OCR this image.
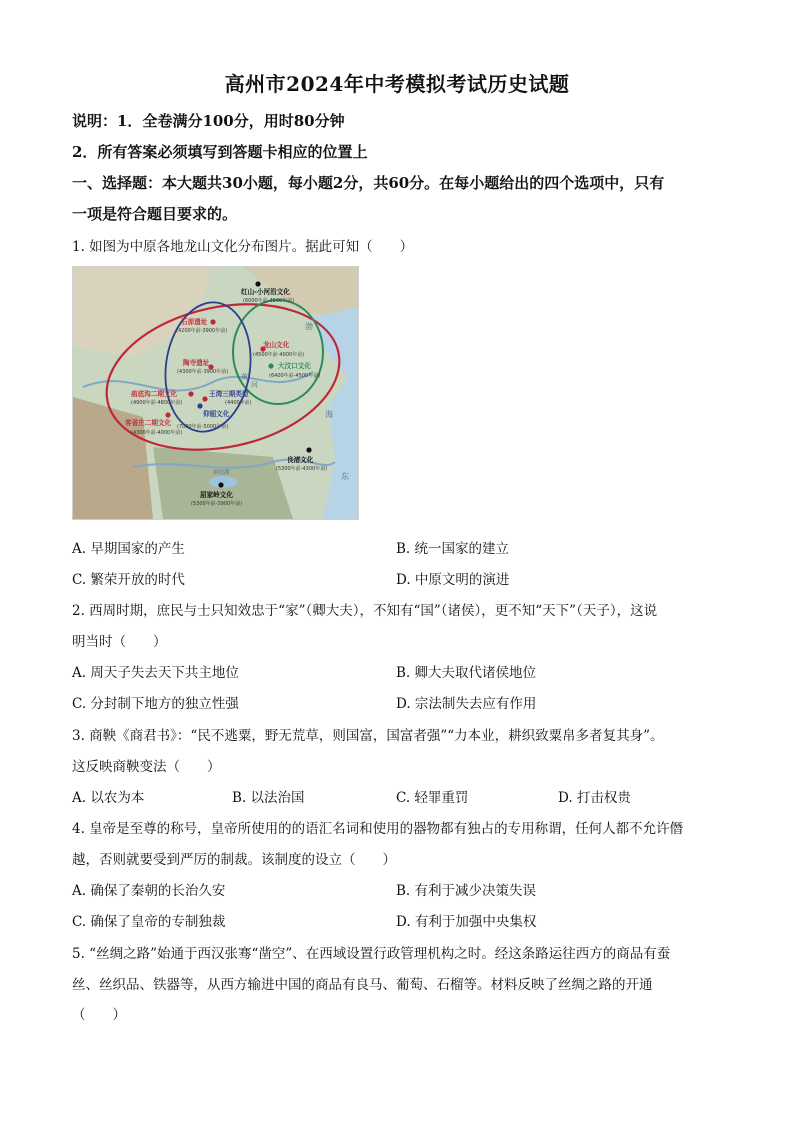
高州市2024年中考模拟考试历史试题
说明：1．全卷满分100分，用时80分钟
2．所有答案必须填写到答题卡相应的位置上
一、选择题：本大题共30小题，每小题2分，共60分。在每小题给出的四个选项中，只有
一项是符合题目要求的。
1. 如图为中原各地龙山文化分布图片。据此可知（　　）
红山-小河沿文化
(6000年前-4500年前)
石峁遗址
(4200年前-3900年前)
陶寺遗址
(4300年前-3900年前)
龙山文化
(4500年前-4000年前)
大汶口文化
(6400年前-4500年前)
庙底沟二期文化
(4900年前-4800年前)
王湾三期类型
(4400年前)
仰韶文化
(7000年前-5000年前)
客省庄二期文化
(4300年前-4000年前)
良渚文化
(5300年前-4300年前)
屈家岭文化
(5300年前-3900年前)
渤
海
黄
河
洞庭湖	东
A. 早期国家的产生	B. 统一国家的建立
C. 繁荣开放的时代	D. 中原文明的演进
2. 西周时期，庶民与士只知效忠于“家”（卿大夫），不知有“国”（诸侯），更不知“天下”（天子），这说
明当时（　　）
A. 周天子失去天下共主地位	B. 卿大夫取代诸侯地位
C. 分封制下地方的独立性强	D. 宗法制失去应有作用
3. 商鞅《商君书》：“民不逃粟，野无荒草，则国富，国富者强”“力本业，耕织致粟帛多者复其身”。
这反映商鞅变法（　　）
A. 以农为本	B. 以法治国	C. 轻罪重罚	D. 打击权贵
4. 皇帝是至尊的称号，皇帝所使用的的语汇名词和使用的器物都有独占的专用称谓，任何人都不允许僭
越，否则就要受到严厉的制裁。该制度的设立（　　）
A. 确保了秦朝的长治久安	B. 有利于减少决策失误
C. 确保了皇帝的专制独裁	D. 有利于加强中央集权
5. “丝绸之路”始通于西汉张骞“凿空”、在西域设置行政管理机构之时。经这条路运往西方的商品有蚕
丝、丝织品、铁器等，从西方输进中国的商品有良马、葡萄、石榴等。材料反映了丝绸之路的开通
（　　）
